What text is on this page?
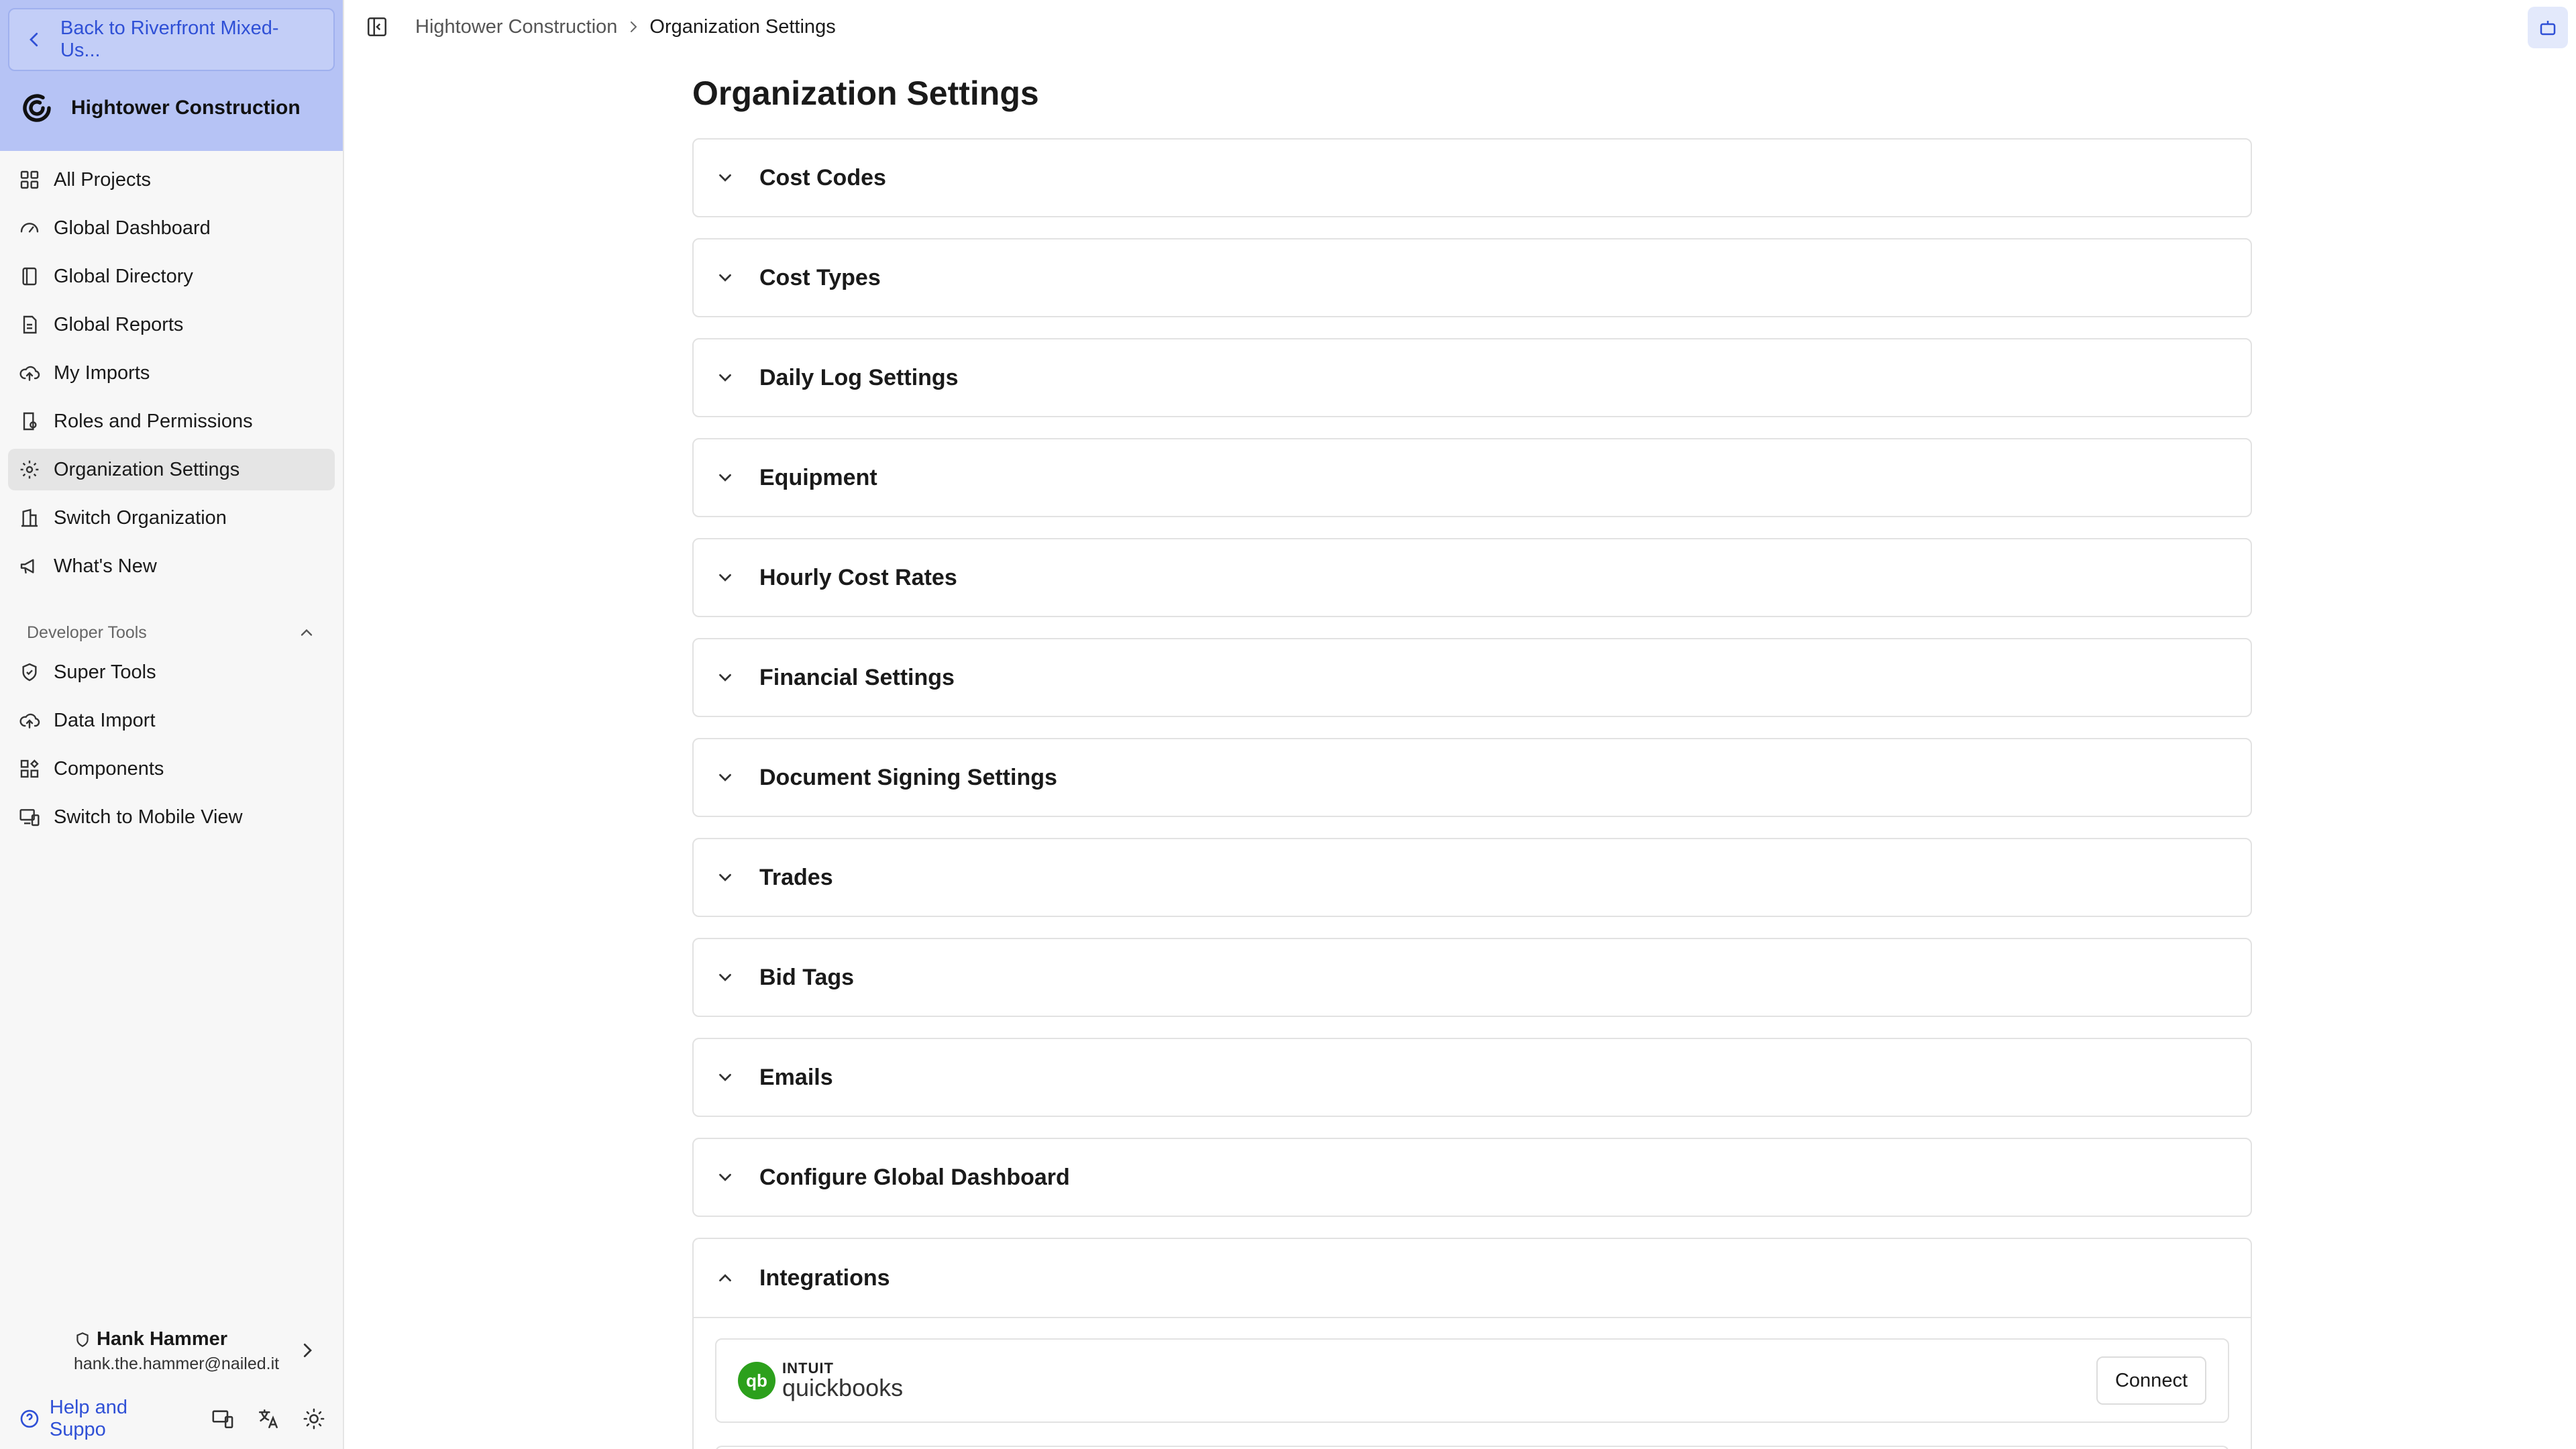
Back to Riverfront Mixed-Us...
Hightower Construction
All Projects
Global Dashboard
Global Directory
Global Reports
My Imports
Roles and Permissions
Organization Settings
Switch Organization
What's New
Developer Tools
Super Tools
Data Import
Components
Switch to Mobile View
Hank Hammer
hank.the.hammer@nailed.it
Help and Suppo
Hightower Construction Organization Settings
Organization Settings
Cost Codes
Cost Types
Daily Log Settings
Equipment
Hourly Cost Rates
Financial Settings
Document Signing Settings
Trades
Bid Tags
Emails
Configure Global Dashboard
Integrations
qb
INTUIT
quickbooks	Connect
